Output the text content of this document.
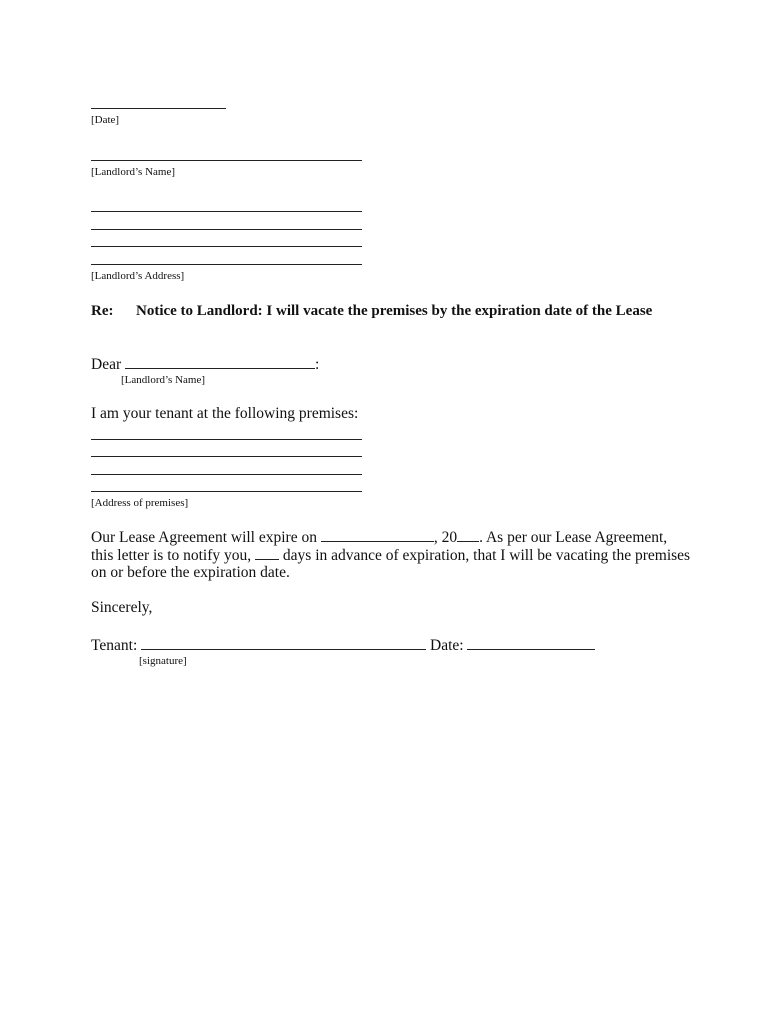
[Date]
[Landlord’s Name]
[Landlord’s Address]
Re: Notice to Landlord: I will vacate the premises by the expiration date of the Lease
Dear	:
[Landlord’s Name]
I am your tenant at the following premises:
[Address of premises]
Our Lease Agreement will expire on	, 20 . As per our Lease Agreement,
this letter is to notify you, days in advance of expiration, that I will be vacating the premises
on or before the expiration date.
Sincerely,
Tenant:	Date:
[signature]
